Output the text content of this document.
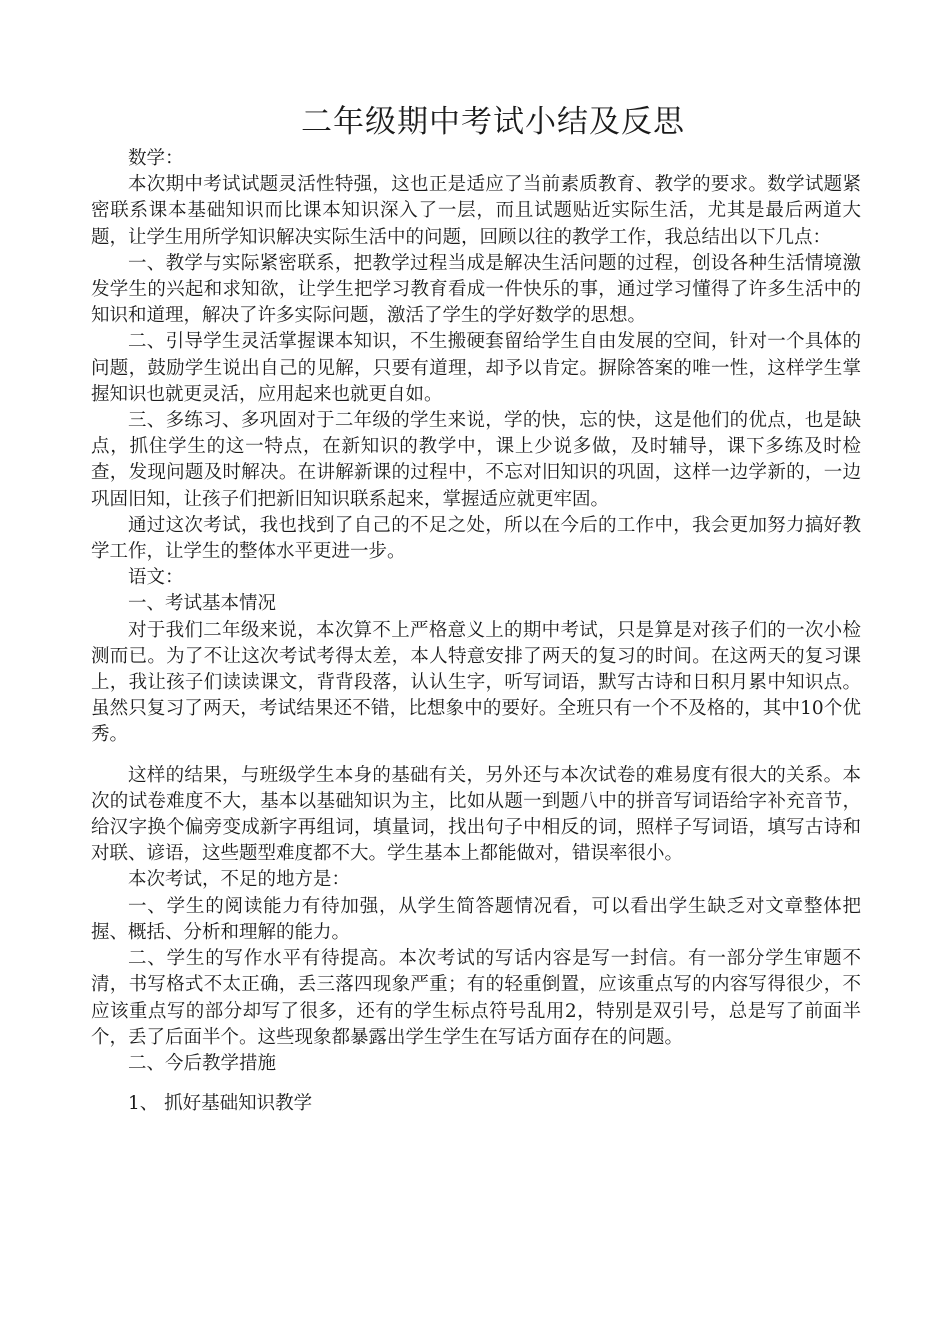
二年级期中考试小结及反思

数学：

本次期中考试试题灵活性特强，这也正是适应了当前素质教育、教学的要求。数学试题紧密联系课本基础知识而比课本知识深入了一层，而且试题贴近实际生活，尤其是最后两道大题，让学生用所学知识解决实际生活中的问题，回顾以往的教学工作，我总结出以下几点：

一、教学与实际紧密联系，把教学过程当成是解决生活问题的过程，创设各种生活情境激发学生的兴起和求知欲，让学生把学习教育看成一件快乐的事，通过学习懂得了许多生活中的知识和道理，解决了许多实际问题，激活了学生的学好数学的思想。

二、引导学生灵活掌握课本知识，不生搬硬套留给学生自由发展的空间，针对一个具体的问题，鼓励学生说出自己的见解，只要有道理，却予以肯定。摒除答案的唯一性，这样学生掌握知识也就更灵活，应用起来也就更自如。

三、多练习、多巩固对于二年级的学生来说，学的快，忘的快，这是他们的优点，也是缺点，抓住学生的这一特点，在新知识的教学中，课上少说多做，及时辅导，课下多练及时检查，发现问题及时解决。在讲解新课的过程中，不忘对旧知识的巩固，这样一边学新的，一边巩固旧知，让孩子们把新旧知识联系起来，掌握适应就更牢固。

通过这次考试，我也找到了自己的不足之处，所以在今后的工作中，我会更加努力搞好教学工作，让学生的整体水平更进一步。

语文：

一、考试基本情况

对于我们二年级来说，本次算不上严格意义上的期中考试，只是算是对孩子们的一次小检测而已。为了不让这次考试考得太差，本人特意安排了两天的复习的时间。在这两天的复习课上，我让孩子们读读课文，背背段落，认认生字，听写词语，默写古诗和日积月累中知识点。虽然只复习了两天，考试结果还不错，比想象中的要好。全班只有一个不及格的，其中10个优秀。

这样的结果，与班级学生本身的基础有关，另外还与本次试卷的难易度有很大的关系。本次的试卷难度不大，基本以基础知识为主，比如从题一到题八中的拼音写词语给字补充音节，给汉字换个偏旁变成新字再组词，填量词，找出句子中相反的词，照样子写词语，填写古诗和对联、谚语，这些题型难度都不大。学生基本上都能做对，错误率很小。

本次考试，不足的地方是：

一、学生的阅读能力有待加强，从学生简答题情况看，可以看出学生缺乏对文章整体把握、概括、分析和理解的能力。

二、学生的写作水平有待提高。本次考试的写话内容是写一封信。有一部分学生审题不清，书写格式不太正确，丢三落四现象严重；有的轻重倒置，应该重点写的内容写得很少，不应该重点写的部分却写了很多，还有的学生标点符号乱用2，特别是双引号，总是写了前面半个，丢了后面半个。这些现象都暴露出学生学生在写话方面存在的问题。

二、今后教学措施

1、 抓好基础知识教学
